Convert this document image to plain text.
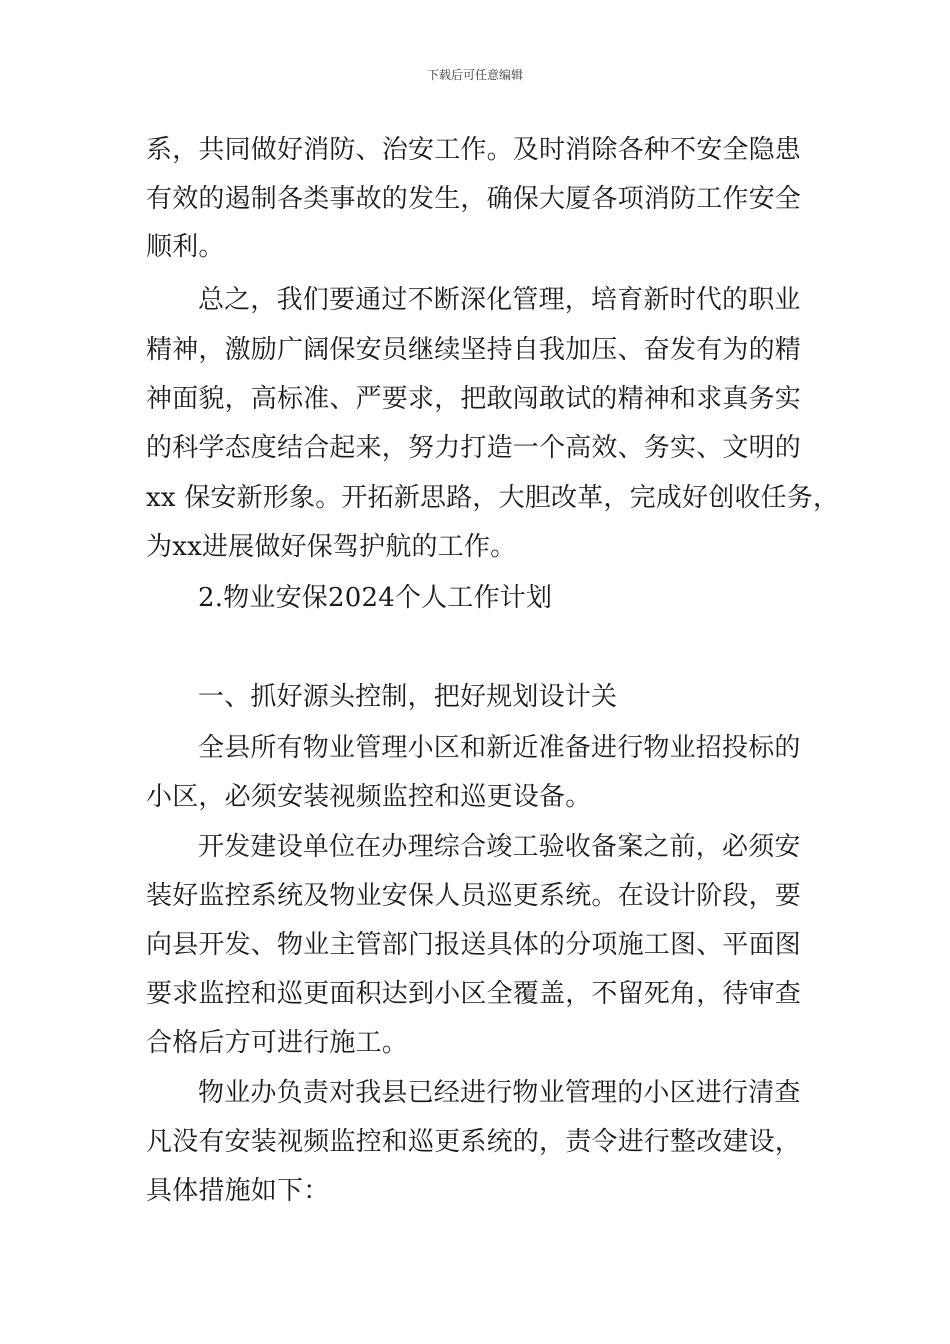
下载后可任意编辑
系，共同做好消防、治安工作。及时消除各种不安全隐患
有效的遏制各类事故的发生，确保大厦各项消防工作安全
顺利。
总之，我们要通过不断深化管理，培育新时代的职业
精神，激励广阔保安员继续坚持自我加压、奋发有为的精
神面貌，高标准、严要求，把敢闯敢试的精神和求真务实
的科学态度结合起来，努力打造一个高效、务实、文明的
xx 保安新形象。开拓新思路，大胆改革，完成好创收任务，
为xx进展做好保驾护航的工作。
2.物业安保2024个人工作计划
一、抓好源头控制，把好规划设计关
全县所有物业管理小区和新近准备进行物业招投标的
小区，必须安装视频监控和巡更设备。
开发建设单位在办理综合竣工验收备案之前，必须安
装好监控系统及物业安保人员巡更系统。在设计阶段，要
向县开发、物业主管部门报送具体的分项施工图、平面图
要求监控和巡更面积达到小区全覆盖，不留死角，待审查
合格后方可进行施工。
物业办负责对我县已经进行物业管理的小区进行清查
凡没有安装视频监控和巡更系统的，责令进行整改建设，
具体措施如下：
